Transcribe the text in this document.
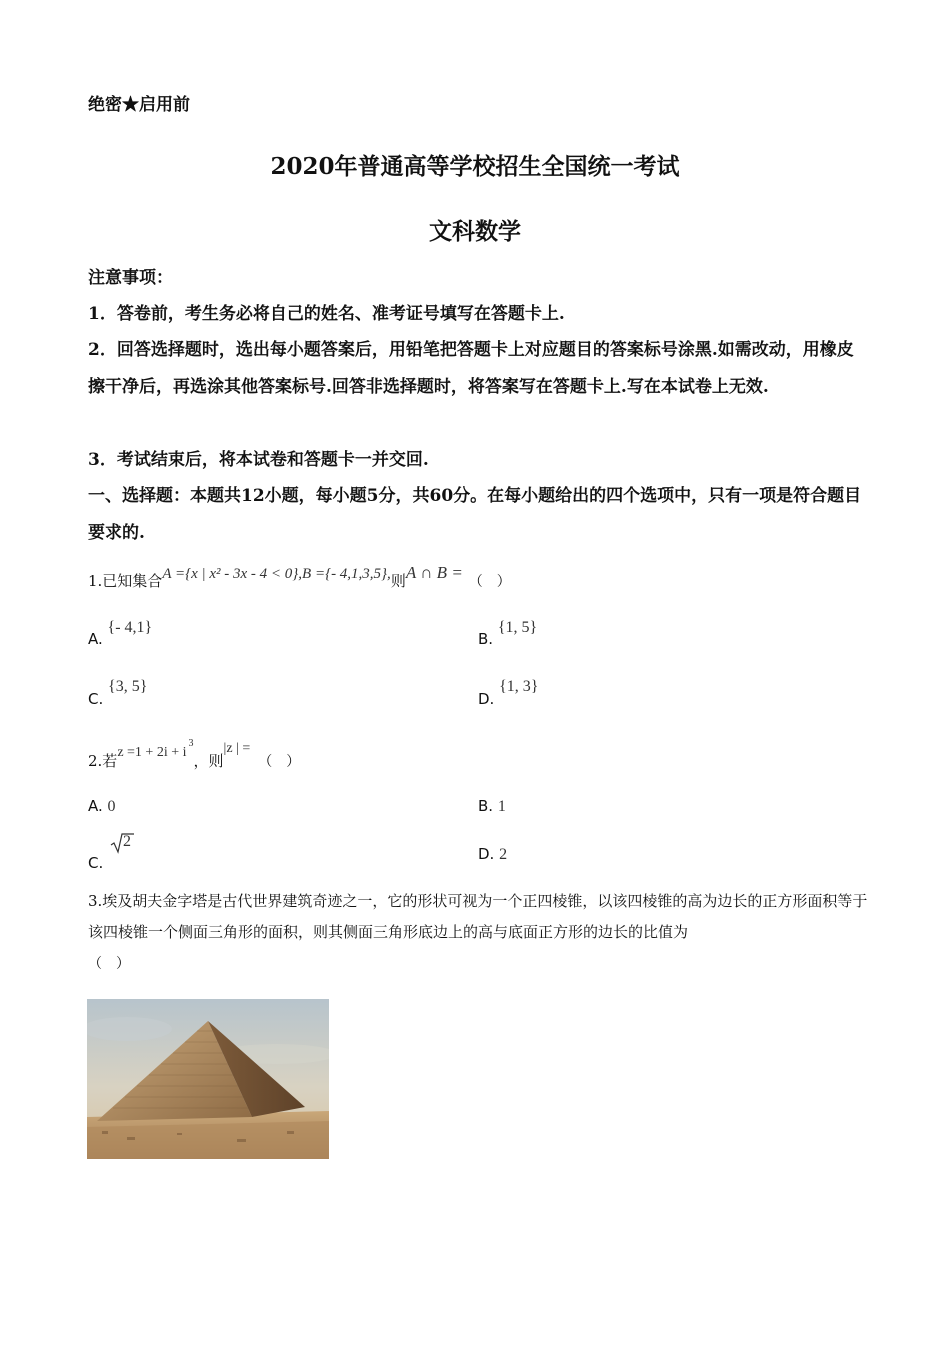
绝密★启用前
2020年普通高等学校招生全国统一考试
文科数学
注意事项：
1．答卷前，考生务必将自己的姓名、准考证号填写在答题卡上.
2．回答选择题时，选出每小题答案后，用铅笔把答题卡上对应题目的答案标号涂黑.如需改动，用橡皮擦干净后，再选涂其他答案标号.回答非选择题时，将答案写在答题卡上.写在本试卷上无效.
3．考试结束后，将本试卷和答题卡一并交回.
一、选择题：本题共12小题，每小题5分，共60分。在每小题给出的四个选项中，只有一项是符合题目要求的.
1.已知集合A ={x | x² - 3x - 4 < 0},B ={- 4,1,3,5},则A ∩ B = （　）
A. {- 4,1}
B. {1, 5}
C. {3, 5}
D. {1, 3}
2.若$z =1 + 2i + i^3$，则|z | =（　）
A. 0	B. 1
C.
2
D. 2
3.埃及胡夫金字塔是古代世界建筑奇迹之一，它的形状可视为一个正四棱锥，以该四棱锥的高为边长的正方形面积等于该四棱锥一个侧面三角形的面积，则其侧面三角形底边上的高与底面正方形的边长的比值为
（　）
